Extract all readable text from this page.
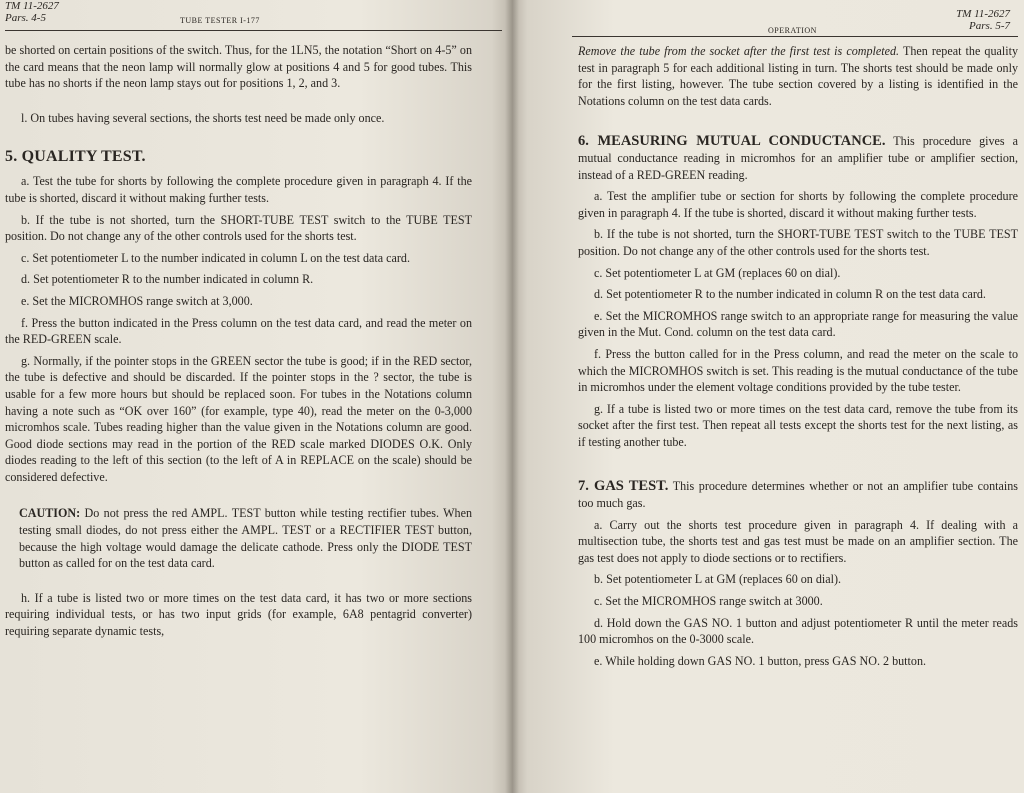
TM 11-2627
Pars. 4-5	TUBE TESTER I-177

be shorted on certain positions of the switch. Thus, for the 1LN5, the notation “Short on 4-5” on the card means that the neon lamp will normally glow at positions 4 and 5 for good tubes. This tube has no shorts if the neon lamp stays out for positions 1, 2, and 3.

l. On tubes having several sections, the shorts test need be made only once.

5. QUALITY TEST.

a. Test the tube for shorts by following the complete procedure given in paragraph 4. If the tube is shorted, discard it without making further tests.

b. If the tube is not shorted, turn the SHORT-TUBE TEST switch to the TUBE TEST position. Do not change any of the other controls used for the shorts test.

c. Set potentiometer L to the number indicated in column L on the test data card.

d. Set potentiometer R to the number indicated in column R.

e. Set the MICROMHOS range switch at 3,000.

f. Press the button indicated in the Press column on the test data card, and read the meter on the RED-GREEN scale.

g. Normally, if the pointer stops in the GREEN sector the tube is good; if in the RED sector, the tube is defective and should be discarded. If the pointer stops in the ? sector, the tube is usable for a few more hours but should be replaced soon. For tubes in the Notations column having a note such as “OK over 160” (for example, type 40), read the meter on the 0-3,000 micromhos scale. Tubes reading higher than the value given in the Notations column are good. Good diode sections may read in the portion of the RED scale marked DIODES O.K. Only diodes reading to the left of this section (to the left of A in REPLACE on the scale) should be considered defective.

CAUTION: Do not press the red AMPL. TEST button while testing rectifier tubes. When testing small diodes, do not press either the AMPL. TEST or a RECTIFIER TEST button, because the high voltage would damage the delicate cathode. Press only the DIODE TEST button as called for on the test data card.

h. If a tube is listed two or more times on the test data card, it has two or more sections requiring individual tests, or has two input grids (for example, 6A8 pentagrid converter) requiring separate dynamic tests,

TM 11-2627
Pars. 5-7
OPERATION

Remove the tube from the socket after the first test is completed. Then repeat the quality test in paragraph 5 for each additional listing in turn. The shorts test should be made only for the first listing, however. The tube section covered by a listing is identified in the Notations column on the test data cards.

6. MEASURING MUTUAL CONDUCTANCE. This procedure gives a mutual conductance reading in micromhos for an amplifier tube or amplifier section, instead of a RED-GREEN reading.

a. Test the amplifier tube or section for shorts by following the complete procedure given in paragraph 4. If the tube is shorted, discard it without making further tests.

b. If the tube is not shorted, turn the SHORT-TUBE TEST switch to the TUBE TEST position. Do not change any of the other controls used for the shorts test.

c. Set potentiometer L at GM (replaces 60 on dial).

d. Set potentiometer R to the number indicated in column R on the test data card.

e. Set the MICROMHOS range switch to an appropriate range for measuring the value given in the Mut. Cond. column on the test data card.

f. Press the button called for in the Press column, and read the meter on the scale to which the MICROMHOS switch is set. This reading is the mutual conductance of the tube in micromhos under the element voltage conditions provided by the tube tester.

g. If a tube is listed two or more times on the test data card, remove the tube from its socket after the first test. Then repeat all tests except the shorts test for the next listing, as if testing another tube.

7. GAS TEST. This procedure determines whether or not an amplifier tube contains too much gas.

a. Carry out the shorts test procedure given in paragraph 4. If dealing with a multisection tube, the shorts test and gas test must be made on an amplifier section. The gas test does not apply to diode sections or to rectifiers.

b. Set potentiometer L at GM (replaces 60 on dial).

c. Set the MICROMHOS range switch at 3000.

d. Hold down the GAS NO. 1 button and adjust potentiometer R until the meter reads 100 micromhos on the 0-3000 scale.

e. While holding down GAS NO. 1 button, press GAS NO. 2 button.
